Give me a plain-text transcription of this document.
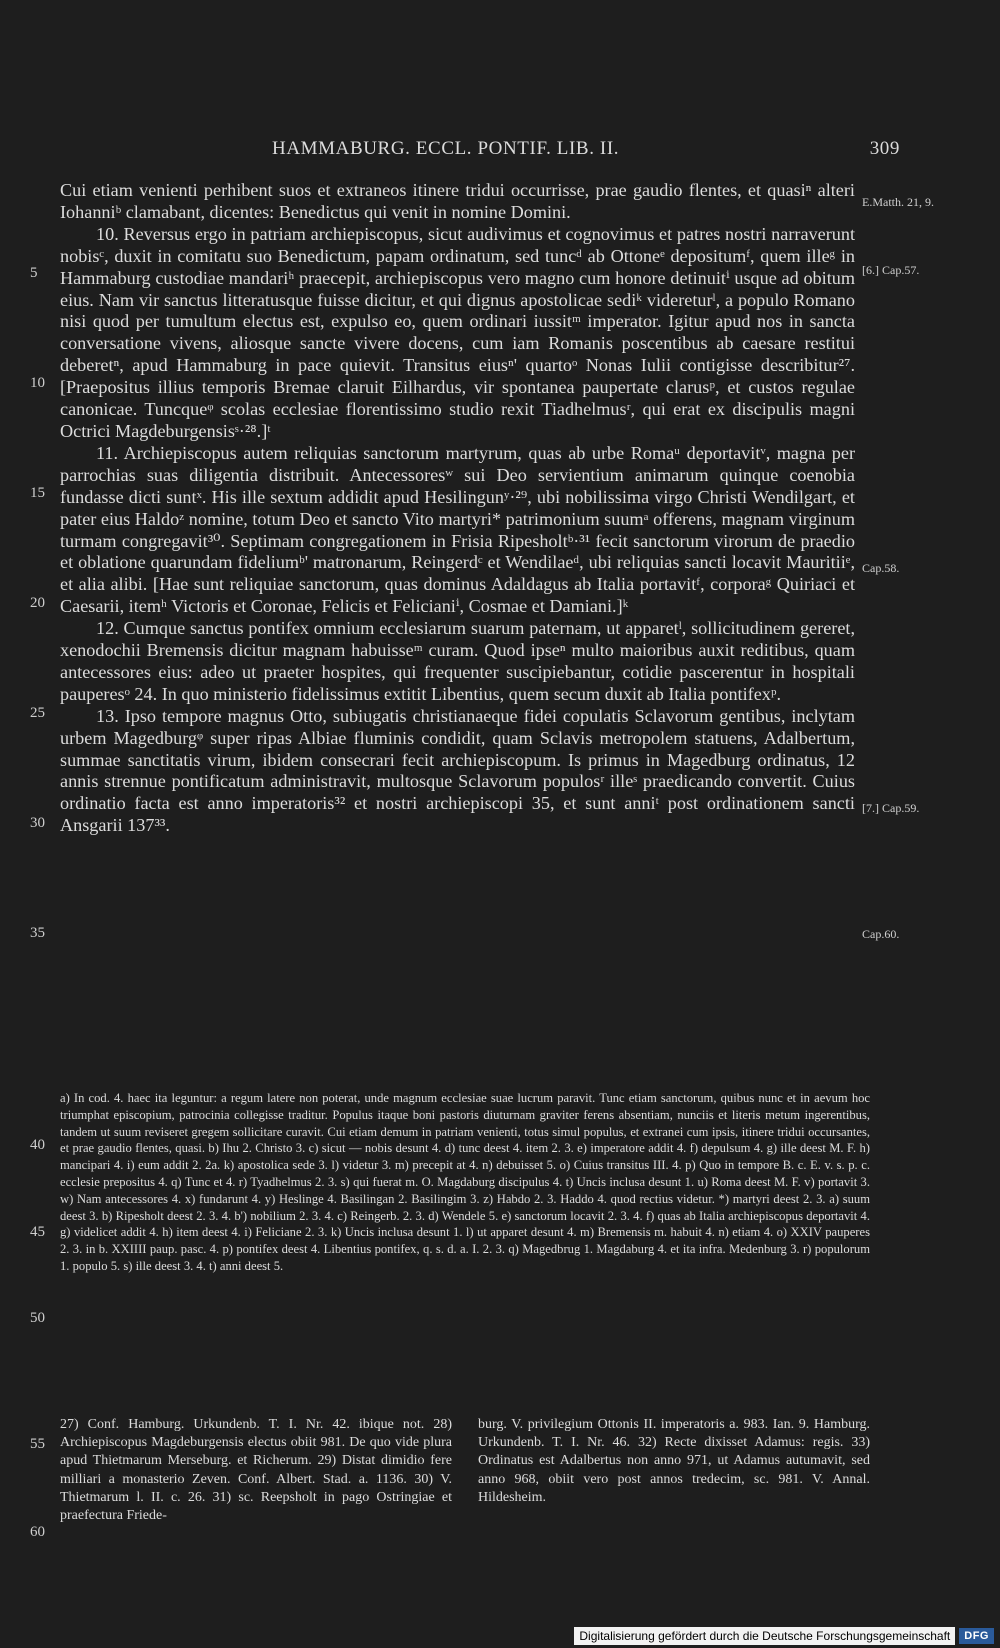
HAMMABURG. ECCL. PONTIF. LIB. II.	309
E.Matth. 21, 9.
[6.] Cap.57.
Cap.58.
[7.] Cap.59.
Cap.60.
5
10
15
20
25
30
35
40
45
50
55
60

Cui etiam venienti perhibent suos et extraneos itinere tridui occurrisse, prae gaudio flentes, et quasiⁿ alteri Iohanniᵇ clamabant, dicentes: Benedictus qui venit in nomine Domini.

10. Reversus ergo in patriam archiepiscopus, sicut audivimus et cognovimus et patres nostri narraverunt nobisᶜ, duxit in comitatu suo Benedictum, papam ordinatum, sed tuncᵈ ab Ottoneᵉ depositumᶠ, quem illeᵍ in Hammaburg custodiae mandariʰ praecepit, archiepiscopus vero magno cum honore detinuitⁱ usque ad obitum eius. Nam vir sanctus litteratusque fuisse dicitur, et qui dignus apostolicae sediᵏ videreturˡ, a populo Romano nisi quod per tumultum electus est, expulso eo, quem ordinari iussitᵐ imperator. Igitur apud nos in sancta conversatione vivens, aliosque sancte vivere docens, cum iam Romanis poscentibus ab caesare restitui deberetⁿ, apud Hammaburg in pace quievit. Transitus eiusⁿ' quartoᵒ Nonas Iulii contigisse describitur²⁷. [Praepositus illius temporis Bremae claruit Eilhardus, vir spontanea paupertate clarusᵖ, et custos regulae canonicae. Tuncqueᵠ scolas ecclesiae florentissimo studio rexit Tiadhelmusʳ, qui erat ex discipulis magni Octrici Magdeburgensisˢ·²⁸.]ᵗ

11. Archiepiscopus autem reliquias sanctorum martyrum, quas ab urbe Romaᵘ deportavitᵛ, magna per parrochias suas diligentia distribuit. Antecessoresʷ sui Deo servientium animarum quinque coenobia fundasse dicti suntˣ. His ille sextum addidit apud Hesilingunʸ·²⁹, ubi nobilissima virgo Christi Wendilgart, et pater eius Haldoᶻ nomine, totum Deo et sancto Vito martyri* patrimonium suumᵃ offerens, magnam virginum turmam congregavit³⁰. Septimam congregationem in Frisia Ripesholtᵇ·³¹ fecit sanctorum virorum de praedio et oblatione quarundam fideliumᵇ' matronarum, Reingerdᶜ et Wendilaeᵈ, ubi reliquias sancti locavit Mauritiiᵉ, et alia alibi. [Hae sunt reliquiae sanctorum, quas dominus Adaldagus ab Italia portavitᶠ, corporaᵍ Quiriaci et Caesarii, itemʰ Victoris et Coronae, Felicis et Felicianiⁱ, Cosmae et Damiani.]ᵏ

12. Cumque sanctus pontifex omnium ecclesiarum suarum paternam, ut apparetˡ, sollicitudinem gereret, xenodochii Bremensis dicitur magnam habuisseᵐ curam. Quod ipseⁿ multo maioribus auxit reditibus, quam antecessores eius: adeo ut praeter hospites, qui frequenter suscipiebantur, cotidie pascerentur in hospitali pauperesᵒ 24. In quo ministerio fidelissimus extitit Libentius, quem secum duxit ab Italia pontifexᵖ.

13. Ipso tempore magnus Otto, subiugatis christianaeque fidei copulatis Sclavorum gentibus, inclytam urbem Magedburgᵠ super ripas Albiae fluminis condidit, quam Sclavis metropolem statuens, Adalbertum, summae sanctitatis virum, ibidem consecrari fecit archiepiscopum. Is primus in Magedburg ordinatus, 12 annis strennue pontificatum administravit, multosque Sclavorum populosʳ illeˢ praedicando convertit. Cuius ordinatio facta est anno imperatoris³² et nostri archiepiscopi 35, et sunt anniᵗ post ordinationem sancti Ansgarii 137³³.

a) In cod. 4. haec ita leguntur: a regum latere non poterat, unde magnum ecclesiae suae lucrum paravit. Tunc etiam sanctorum, quibus nunc et in aevum hoc triumphat episcopium, patrocinia collegisse traditur. Populus itaque boni pastoris diuturnam graviter ferens absentiam, nunciis et literis metum ingerentibus, tandem ut suum reviseret gregem sollicitare curavit. Cui etiam demum in patriam venienti, totus simul populus, et extranei cum ipsis, itinere tridui occursantes, et prae gaudio flentes, quasi. b) Ihu 2. Christo 3. c) sicut — nobis desunt 4. d) tunc deest 4. item 2. 3. e) imperatore addit 4. f) depulsum 4. g) ille deest M. F. h) mancipari 4. i) eum addit 2. 2a. k) apostolica sede 3. l) videtur 3. m) precepit at 4. n) debuisset 5. o) Cuius transitus III. 4. p) Quo in tempore B. c. E. v. s. p. c. ecclesie prepositus 4. q) Tunc et 4. r) Tyadhelmus 2. 3. s) qui fuerat m. O. Magdaburg discipulus 4. t) Uncis inclusa desunt 1. u) Roma deest M. F. v) portavit 3. w) Nam antecessores 4. x) fundarunt 4. y) Heslinge 4. Basilingan 2. Basilingim 3. z) Habdo 2. 3. Haddo 4. quod rectius videtur. *) martyri deest 2. 3. a) suum deest 3. b) Ripesholt deest 2. 3. 4. b') nobilium 2. 3. 4. c) Reingerb. 2. 3. d) Wendele 5. e) sanctorum locavit 2. 3. 4. f) quas ab Italia archiepiscopus deportavit 4. g) videlicet addit 4. h) item deest 4. i) Feliciane 2. 3. k) Uncis inclusa desunt 1. l) ut apparet desunt 4. m) Bremensis m. habuit 4. n) etiam 4. o) XXIV pauperes 2. 3. in b. XXIIII paup. pasc. 4. p) pontifex deest 4. Libentius pontifex, q. s. d. a. I. 2. 3. q) Magedbrug 1. Magdaburg 4. et ita infra. Medenburg 3. r) populorum 1. populo 5. s) ille deest 3. 4. t) anni deest 5.

27) Conf. Hamburg. Urkundenb. T. I. Nr. 42. ibique not. 28) Archiepiscopus Magdeburgensis electus obiit 981. De quo vide plura apud Thietmarum Merseburg. et Richerum. 29) Distat dimidio fere milliari a monasterio Zeven. Conf. Albert. Stad. a. 1136. 30) V. Thietmarum l. II. c. 26. 31) sc. Reepsholt in pago Ostringiae et praefectura Friede-
burg. V. privilegium Ottonis II. imperatoris a. 983. Ian. 9. Hamburg. Urkundenb. T. I. Nr. 46. 32) Recte dixisset Adamus: regis. 33) Ordinatus est Adalbertus non anno 971, ut Adamus autumavit, sed anno 968, obiit vero post annos tredecim, sc. 981. V. Annal. Hildesheim.
Digitalisierung gefördert durch die Deutsche Forschungsgemeinschaft	DFG
